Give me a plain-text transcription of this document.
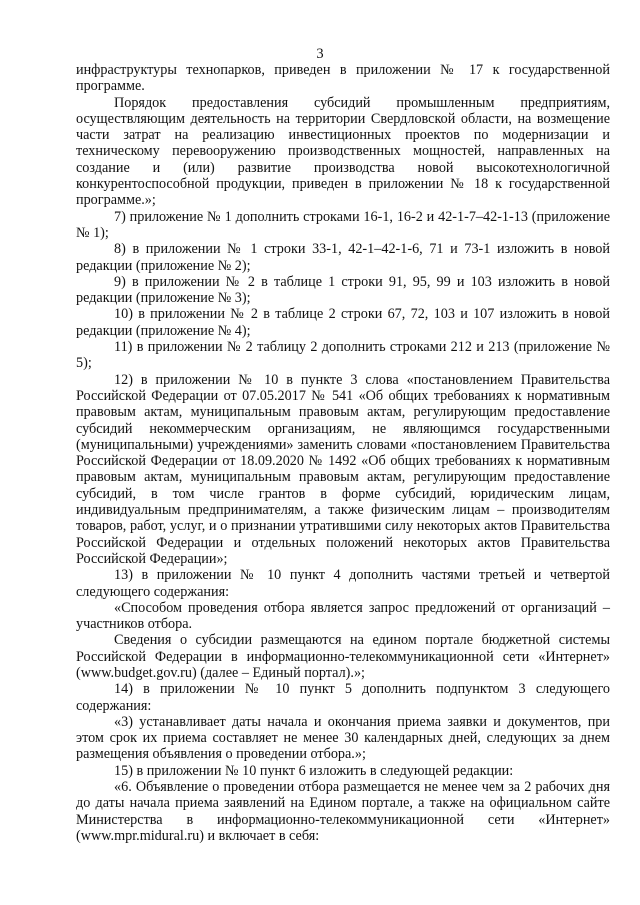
3

инфраструктуры технопарков, приведен в приложении № 17 к государственной программе.

Порядок предоставления субсидий промышленным предприятиям, осуществляющим деятельность на территории Свердловской области, на возмещение части затрат на реализацию инвестиционных проектов по модернизации и техническому перевооружению производственных мощностей, направленных на создание и (или) развитие производства новой высокотехнологичной конкурентоспособной продукции, приведен в приложении № 18 к государственной программе.»;

7) приложение № 1 дополнить строками 16-1, 16-2 и 42-1-7–42-1-13 (приложение № 1);

8) в приложении № 1 строки 33-1, 42-1–42-1-6, 71 и 73-1 изложить в новой редакции (приложение № 2);

9) в приложении № 2 в таблице 1 строки 91, 95, 99 и 103 изложить в новой редакции (приложение № 3);

10) в приложении № 2 в таблице 2 строки 67, 72, 103 и 107 изложить в новой редакции (приложение № 4);

11) в приложении № 2 таблицу 2 дополнить строками 212 и 213 (приложение № 5);

12) в приложении № 10 в пункте 3 слова «постановлением Правительства Российской Федерации от 07.05.2017 № 541 «Об общих требованиях к нормативным правовым актам, муниципальным правовым актам, регулирующим предоставление субсидий некоммерческим организациям, не являющимся государственными (муниципальными) учреждениями» заменить словами «постановлением Правительства Российской Федерации от 18.09.2020 № 1492 «Об общих требованиях к нормативным правовым актам, муниципальным правовым актам, регулирующим предоставление субсидий, в том числе грантов в форме субсидий, юридическим лицам, индивидуальным предпринимателям, а также физическим лицам – производителям товаров, работ, услуг, и о признании утратившими силу некоторых актов Правительства Российской Федерации и отдельных положений некоторых актов Правительства Российской Федерации»;

13) в приложении № 10 пункт 4 дополнить частями третьей и четвертой следующего содержания:

«Способом проведения отбора является запрос предложений от организаций – участников отбора.

Сведения о субсидии размещаются на едином портале бюджетной системы Российской Федерации в информационно-телекоммуникационной сети «Интернет» (www.budget.gov.ru) (далее – Единый портал).»;

14) в приложении № 10 пункт 5 дополнить подпунктом 3 следующего содержания:

«3) устанавливает даты начала и окончания приема заявки и документов, при этом срок их приема составляет не менее 30 календарных дней, следующих за днем размещения объявления о проведении отбора.»;

15) в приложении № 10 пункт 6 изложить в следующей редакции:

«6. Объявление о проведении отбора размещается не менее чем за 2 рабочих дня до даты начала приема заявлений на Едином портале, а также на официальном сайте Министерства в информационно-телекоммуникационной сети «Интернет» (www.mpr.midural.ru) и включает в себя:
